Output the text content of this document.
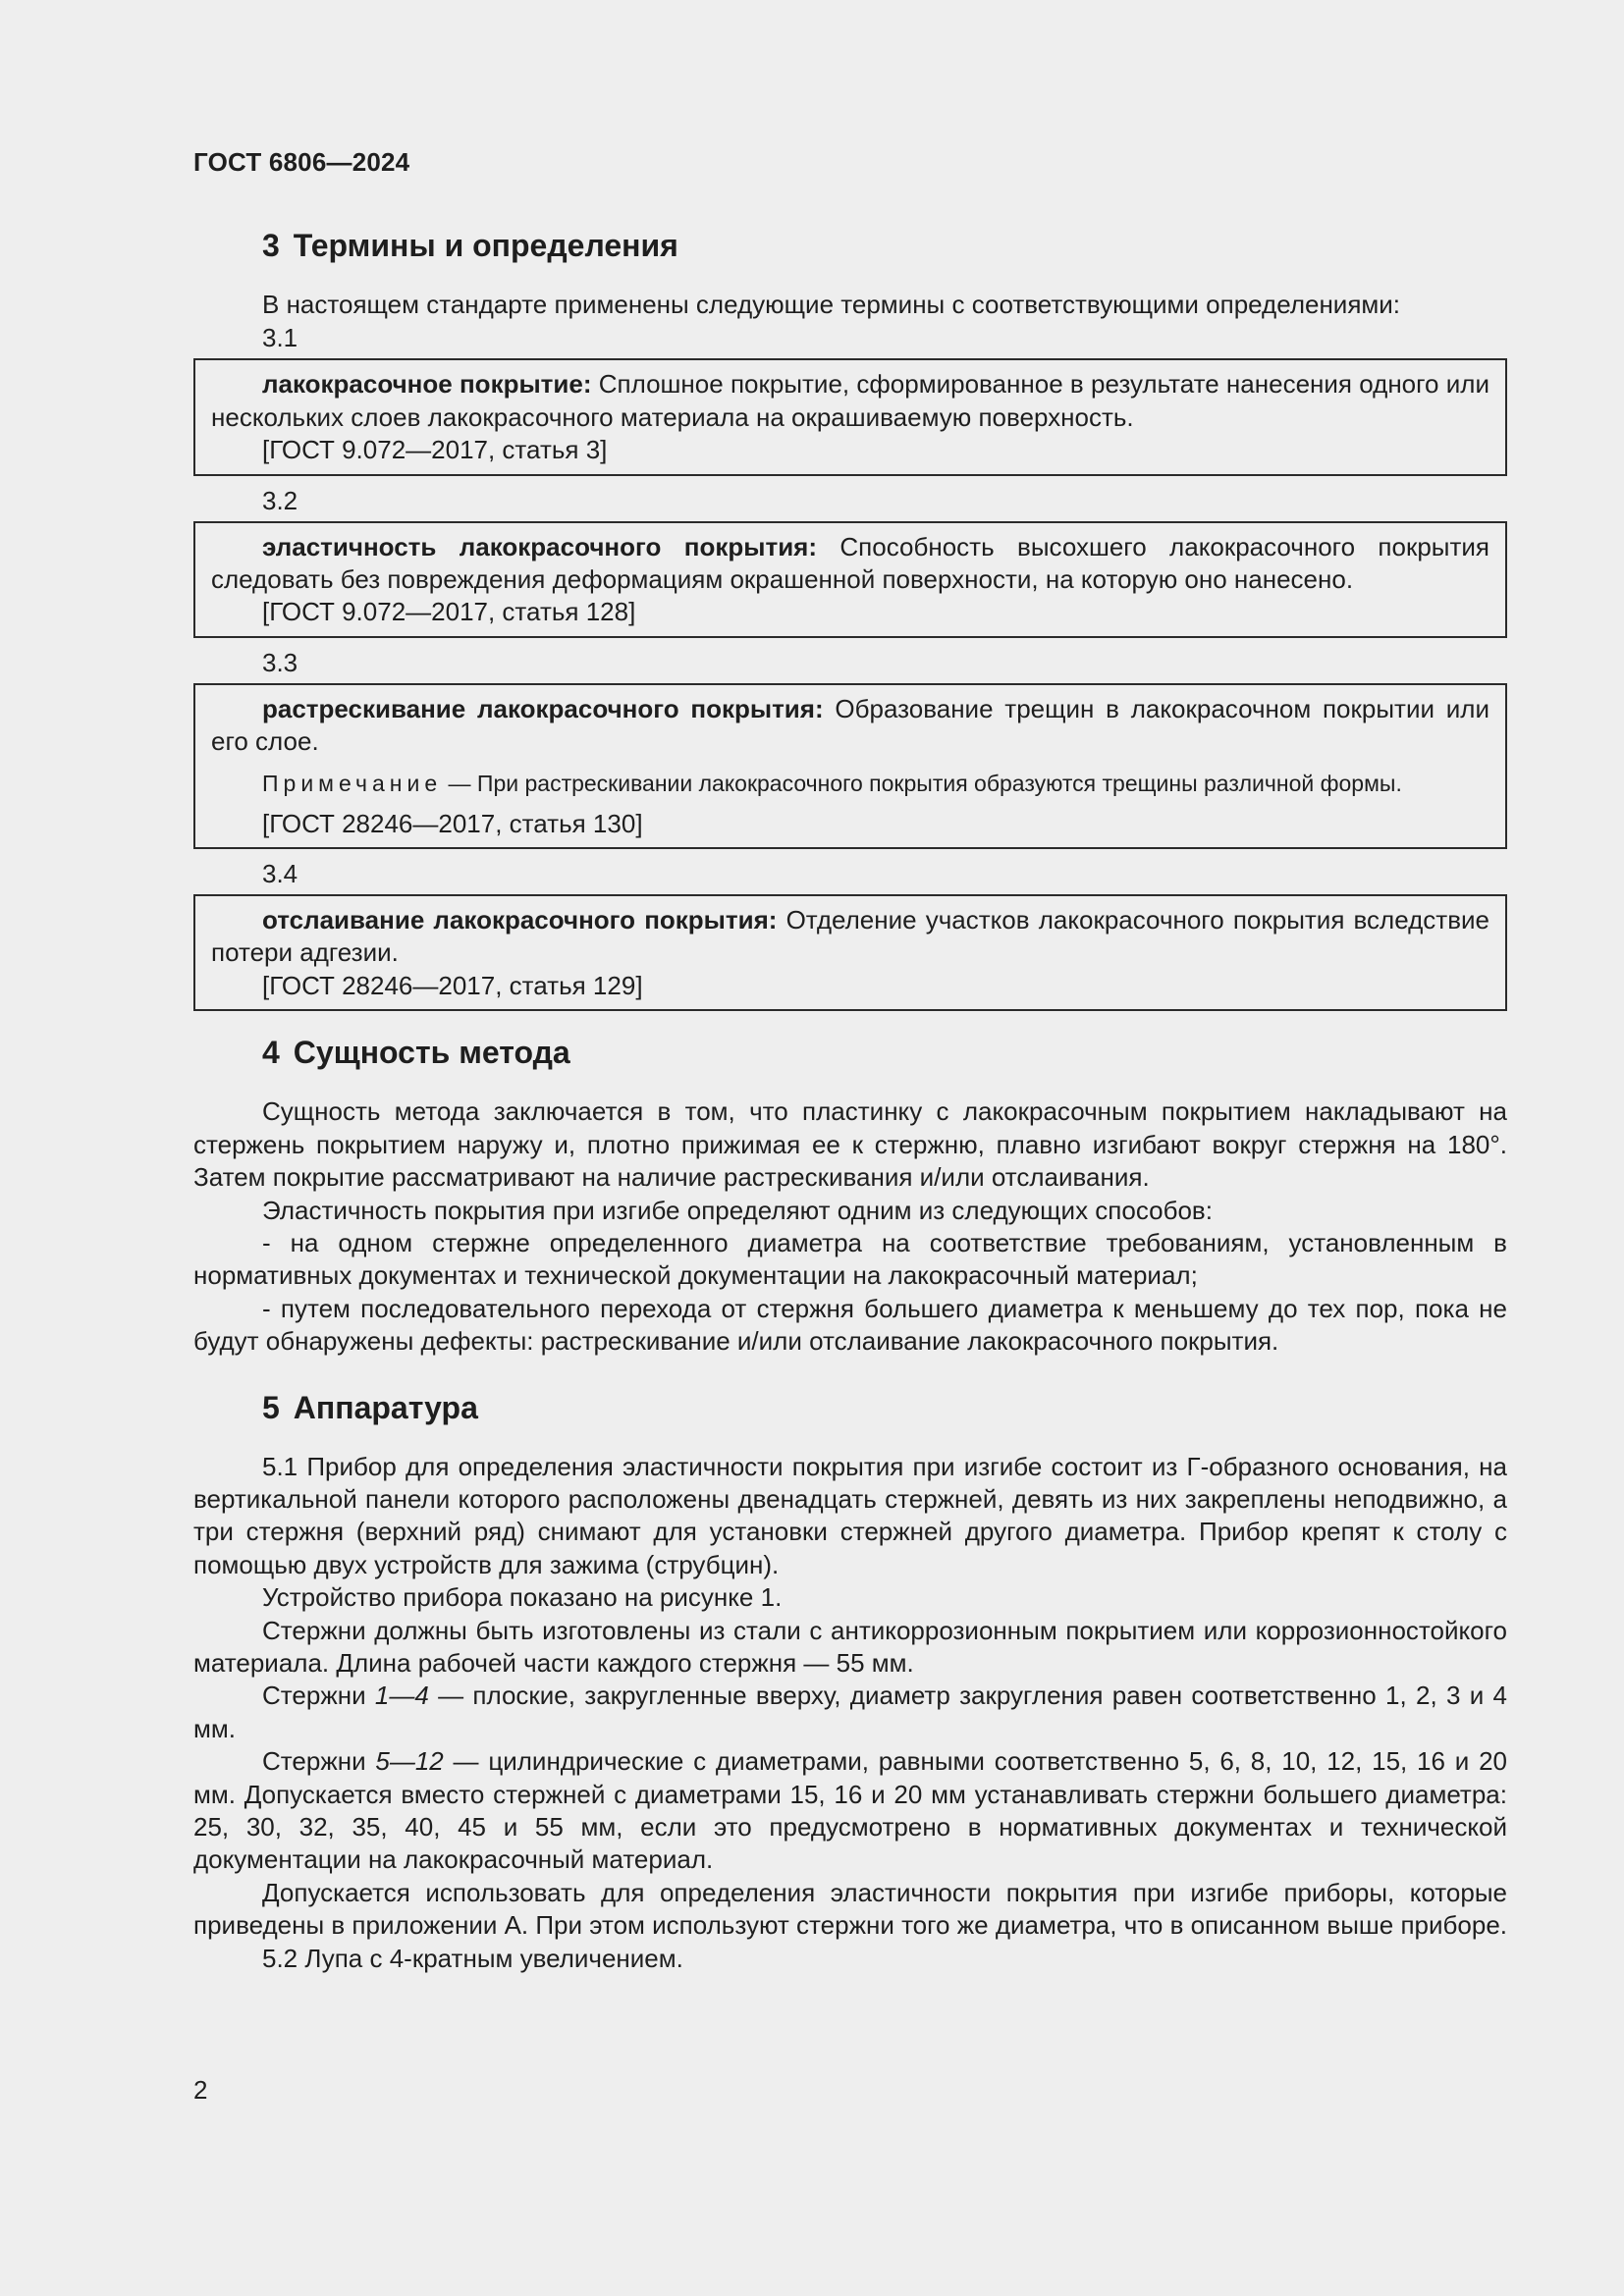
ГОСТ 6806—2024
3 Термины и определения

В настоящем стандарте применены следующие термины с соответствующими определениями:

3.1

лакокрасочное покрытие: Сплошное покрытие, сформированное в результате нанесения одного или нескольких слоев лакокрасочного материала на окрашиваемую поверхность.

[ГОСТ 9.072—2017, статья 3]
3.2

эластичность лакокрасочного покрытия: Способность высохшего лакокрасочного покрытия следовать без повреждения деформациям окрашенной поверхности, на которую оно нанесено.

[ГОСТ 9.072—2017, статья 128]
3.3

растрескивание лакокрасочного покрытия: Образование трещин в лакокрасочном покрытии или его слое.

Примечание — При растрескивании лакокрасочного покрытия образуются трещины различной формы.
[ГОСТ 28246—2017, статья 130]
3.4

отслаивание лакокрасочного покрытия: Отделение участков лакокрасочного покрытия вследствие потери адгезии.

[ГОСТ 28246—2017, статья 129]
4 Сущность метода

Сущность метода заключается в том, что пластинку с лакокрасочным покрытием накладывают на стержень покрытием наружу и, плотно прижимая ее к стержню, плавно изгибают вокруг стержня на 180°. Затем покрытие рассматривают на наличие растрескивания и/или отслаивания.

Эластичность покрытия при изгибе определяют одним из следующих способов:

- на одном стержне определенного диаметра на соответствие требованиям, установленным в нормативных документах и технической документации на лакокрасочный материал;

- путем последовательного перехода от стержня большего диаметра к меньшему до тех пор, пока не будут обнаружены дефекты: растрескивание и/или отслаивание лакокрасочного покрытия.

5 Аппаратура

5.1 Прибор для определения эластичности покрытия при изгибе состоит из Г-образного основания, на вертикальной панели которого расположены двенадцать стержней, девять из них закреплены неподвижно, а три стержня (верхний ряд) снимают для установки стержней другого диаметра. Прибор крепят к столу с помощью двух устройств для зажима (струбцин).

Устройство прибора показано на рисунке 1.

Стержни должны быть изготовлены из стали с антикоррозионным покрытием или коррозионностойкого материала. Длина рабочей части каждого стержня — 55 мм.

Стержни 1—4 — плоские, закругленные вверху, диаметр закругления равен соответственно 1, 2, 3 и 4 мм.

Стержни 5—12 — цилиндрические с диаметрами, равными соответственно 5, 6, 8, 10, 12, 15, 16 и 20 мм. Допускается вместо стержней с диаметрами 15, 16 и 20 мм устанавливать стержни большего диаметра: 25, 30, 32, 35, 40, 45 и 55 мм, если это предусмотрено в нормативных документах и технической документации на лакокрасочный материал.

Допускается использовать для определения эластичности покрытия при изгибе приборы, которые приведены в приложении А. При этом используют стержни того же диаметра, что в описанном выше приборе.

5.2 Лупа с 4-кратным увеличением.

2
